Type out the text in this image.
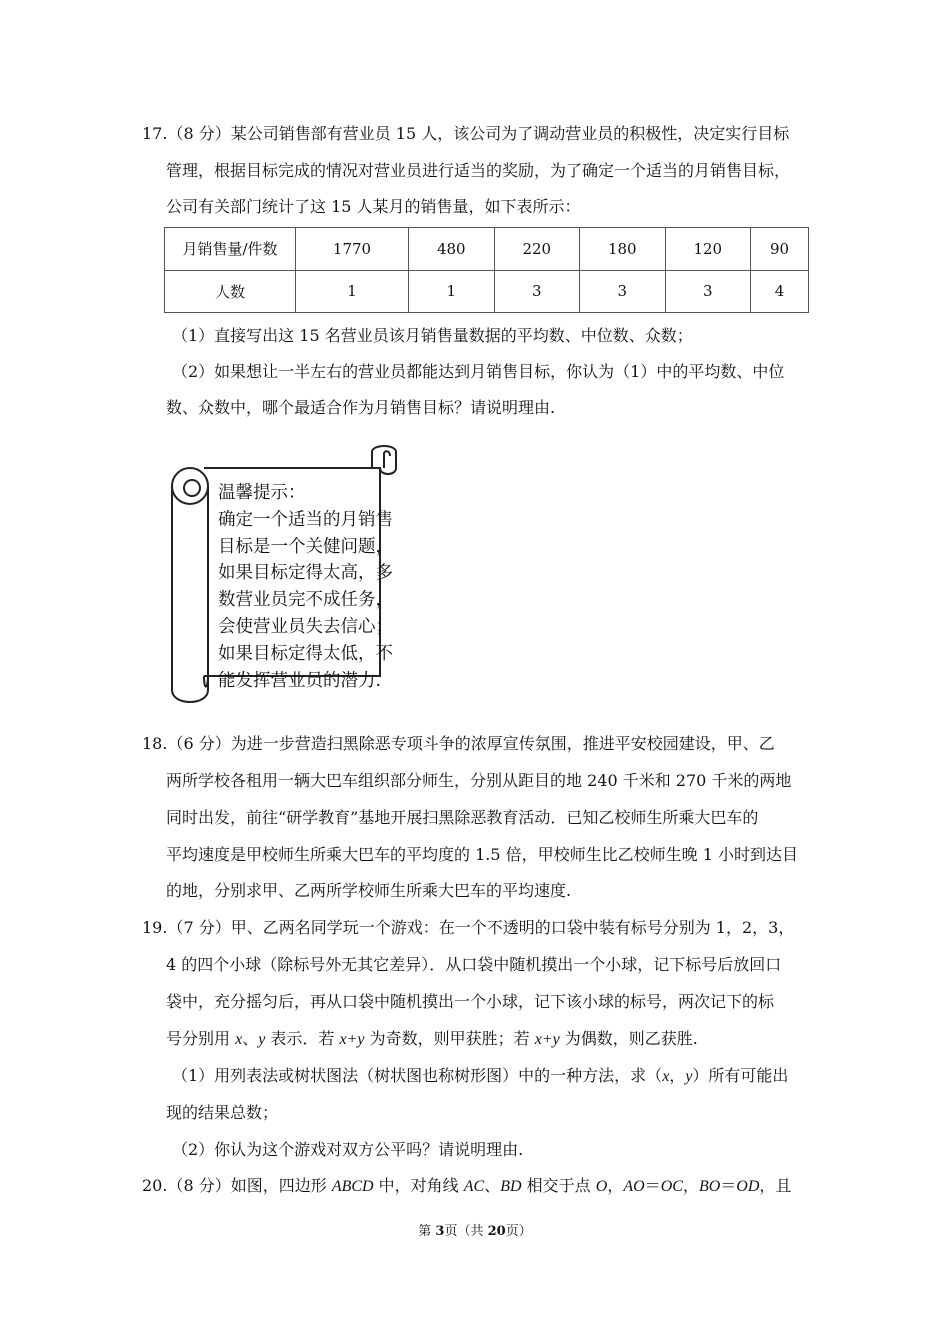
17.（8 分）某公司销售部有营业员 15 人，该公司为了调动营业员的积极性，决定实行目标
管理，根据目标完成的情况对营业员进行适当的奖励，为了确定一个适当的月销售目标，
公司有关部门统计了这 15 人某月的销售量，如下表所示：
月销售量/件数	1770	480	220	180	120	90
人数	1	1	3	3	3	4
（1）直接写出这 15 名营业员该月销售量数据的平均数、中位数、众数；
（2）如果想让一半左右的营业员都能达到月销售目标，你认为（1）中的平均数、中位
数、众数中，哪个最适合作为月销售目标？请说明理由.
温馨提示：
确定一个适当的月销售
目标是一个关健问题，
如果目标定得太高，多
数营业员完不成任务，
会使营业员失去信心；
如果目标定得太低，不
能发挥营业员的潜力.
18.（6 分）为进一步营造扫黑除恶专项斗争的浓厚宣传氛围，推进平安校园建设，甲、乙
两所学校各租用一辆大巴车组织部分师生，分别从距目的地 240 千米和 270 千米的两地
同时出发，前往“研学教育”基地开展扫黑除恶教育活动．已知乙校师生所乘大巴车的
平均速度是甲校师生所乘大巴车的平均度的 1.5 倍，甲校师生比乙校师生晚 1 小时到达目
的地，分别求甲、乙两所学校师生所乘大巴车的平均速度.
19.（7 分）甲、乙两名同学玩一个游戏：在一个不透明的口袋中装有标号分别为 1，2，3，
4 的四个小球（除标号外无其它差异）．从口袋中随机摸出一个小球，记下标号后放回口
袋中，充分摇匀后，再从口袋中随机摸出一个小球，记下该小球的标号，两次记下的标
号分别用 x、y 表示．若 x+y 为奇数，则甲获胜；若 x+y 为偶数，则乙获胜.
（1）用列表法或树状图法（树状图也称树形图）中的一种方法，求（x，y）所有可能出
现的结果总数；
（2）你认为这个游戏对双方公平吗？请说明理由.
20.（8 分）如图，四边形 ABCD 中，对角线 AC、BD 相交于点 O，AO＝OC，BO＝OD，且
第 3页（共 20页）
